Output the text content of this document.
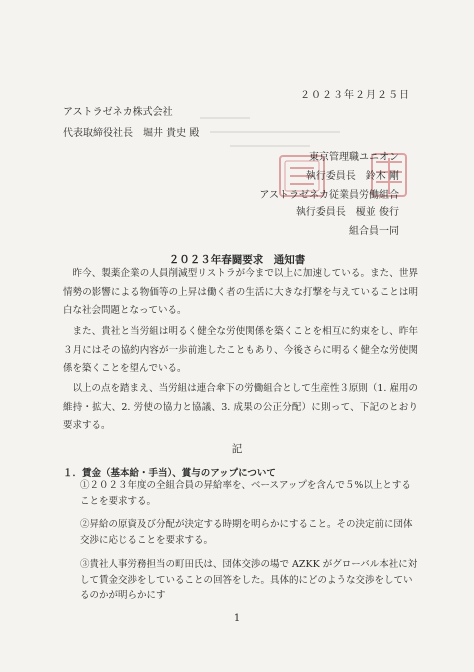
２０２３年２月２５日
アストラゼネカ株式会社
代表取締役社長　堀井 貴史 殿
東京管理職ユニオン
執行委員長　鈴木 剛
アストラゼネカ従業員労働組合
執行委員長　榎並 俊行
組合員一同
２０２３年春闘要求　通知書

昨今、製薬企業の人員削減型リストラが今まで以上に加速している。また、世界情勢の影響による物価等の上昇は働く者の生活に大きな打撃を与えていることは明白な社会問題となっている。

また、貴社と当労組は明るく健全な労使関係を築くことを相互に約束をし、昨年３月にはその協約内容が一歩前進したこともあり、今後さらに明るく健全な労使関係を築くことを望んでいる。

以上の点を踏まえ、当労組は連合傘下の労働組合として生産性３原則（1. 雇用の維持・拡大、2. 労使の協力と協議、3. 成果の公正分配）に則って、下記のとおり要求する。

記
１．賃金（基本給・手当）、賞与のアップについて

①２０２３年度の全組合員の昇給率を、ベースアップを含んで５%以上とすることを要求する。

②昇給の原資及び分配が決定する時期を明らかにすること。その決定前に団体交渉に応じることを要求する。

③貴社人事労務担当の町田氏は、団体交渉の場で AZKK がグローバル本社に対して賃金交渉をしていることの回答をした。具体的にどのような交渉をしているのかが明らかにす

1
